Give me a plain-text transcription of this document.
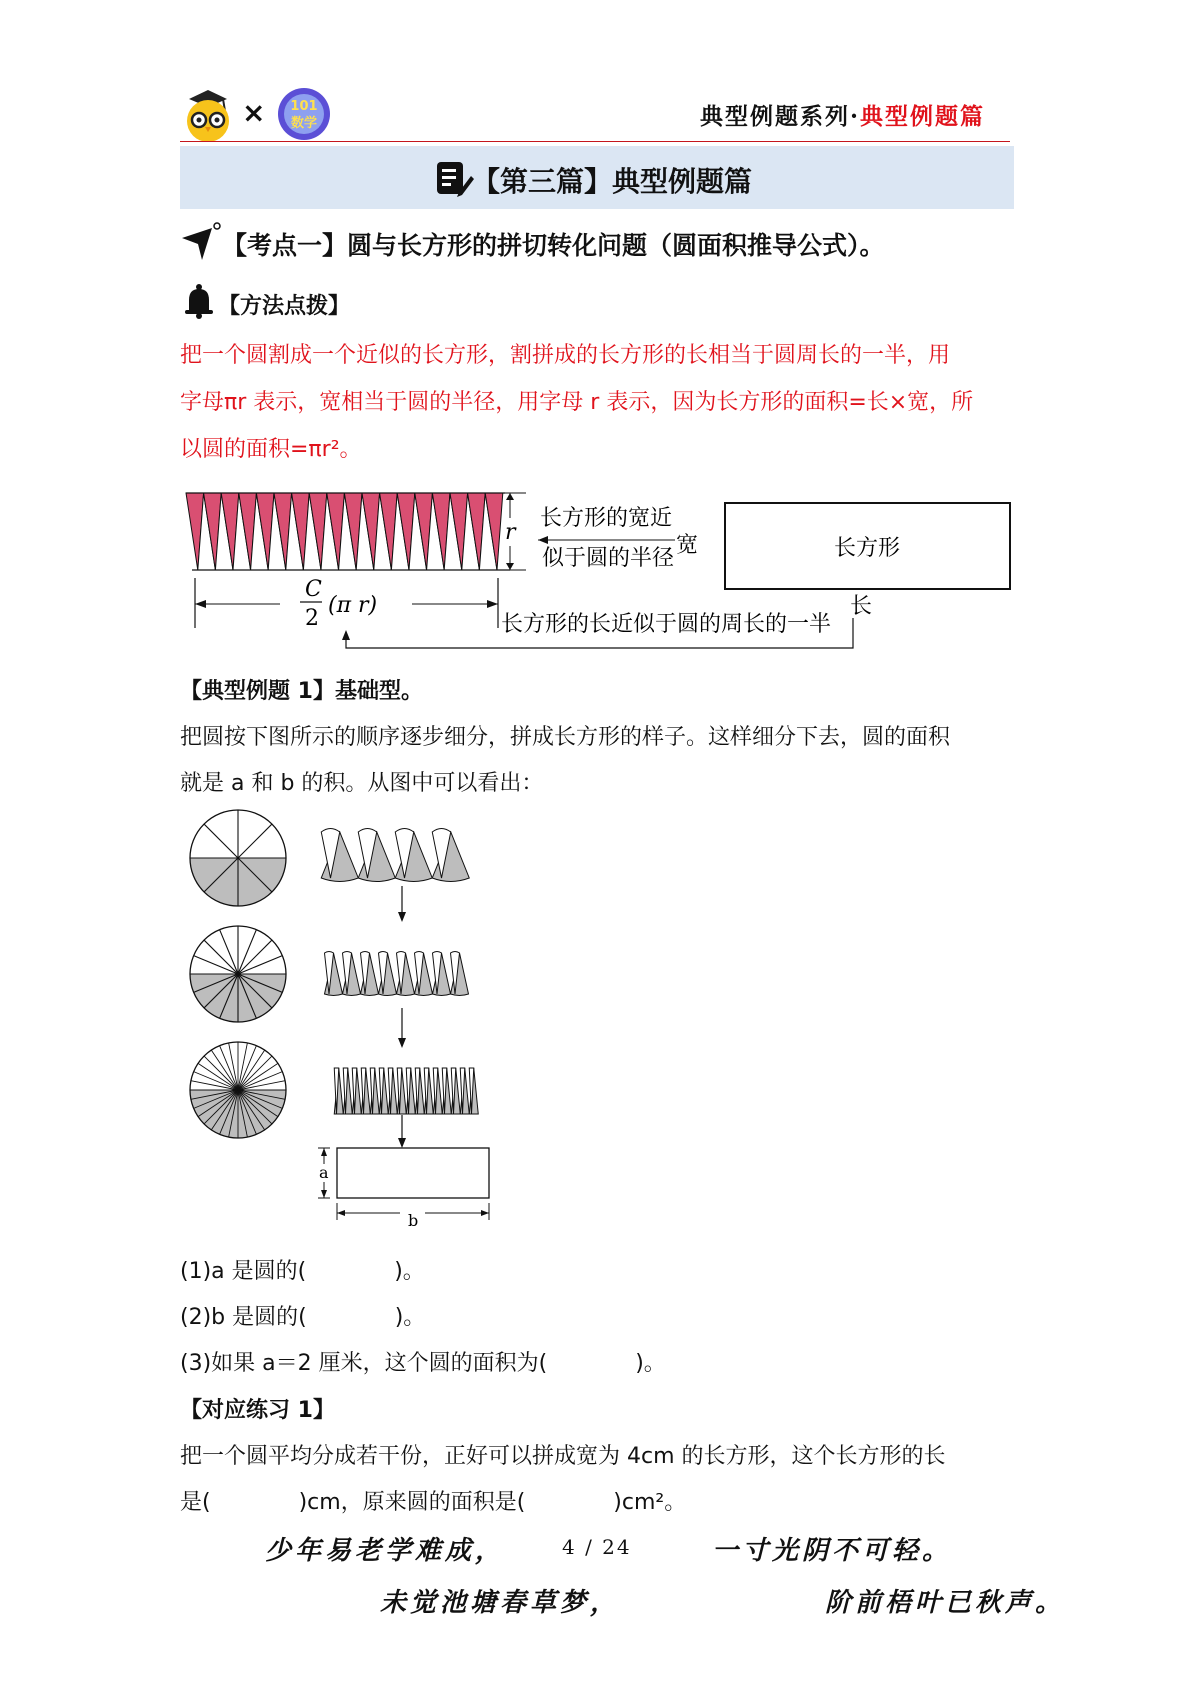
× 101
数学	典型例题系列·典型例题篇
【第三篇】典型例题篇
【考点一】圆与长方形的拼切转化问题（圆面积推导公式）。
【方法点拨】
把一个圆割成一个近似的长方形，割拼成的长方形的长相当于圆周长的一半，用
字母πr 表示，宽相当于圆的半径，用字母 r 表示，因为长方形的面积=长×宽，所
以圆的面积=πr²。
r
长方形的宽近
似于圆的半径
宽	长方形
C
2
(π r)	长
长方形的长近似于圆的周长的一半
【典型例题 1】基础型。
把圆按下图所示的顺序逐步细分，拼成长方形的样子。这样细分下去，圆的面积
就是 a 和 b 的积。从图中可以看出：
a
b
(1)a 是圆的(　　　　)。
(2)b 是圆的(　　　　)。
(3)如果 a＝2 厘米，这个圆的面积为(　　　　)。
【对应练习 1】
把一个圆平均分成若干份，正好可以拼成宽为 4cm 的长方形，这个长方形的长
是(　　　　)cm，原来圆的面积是(　　　　)cm²。
少年易老学难成，	4 / 24	一寸光阴不可轻。
未觉池塘春草梦，	阶前梧叶已秋声。
